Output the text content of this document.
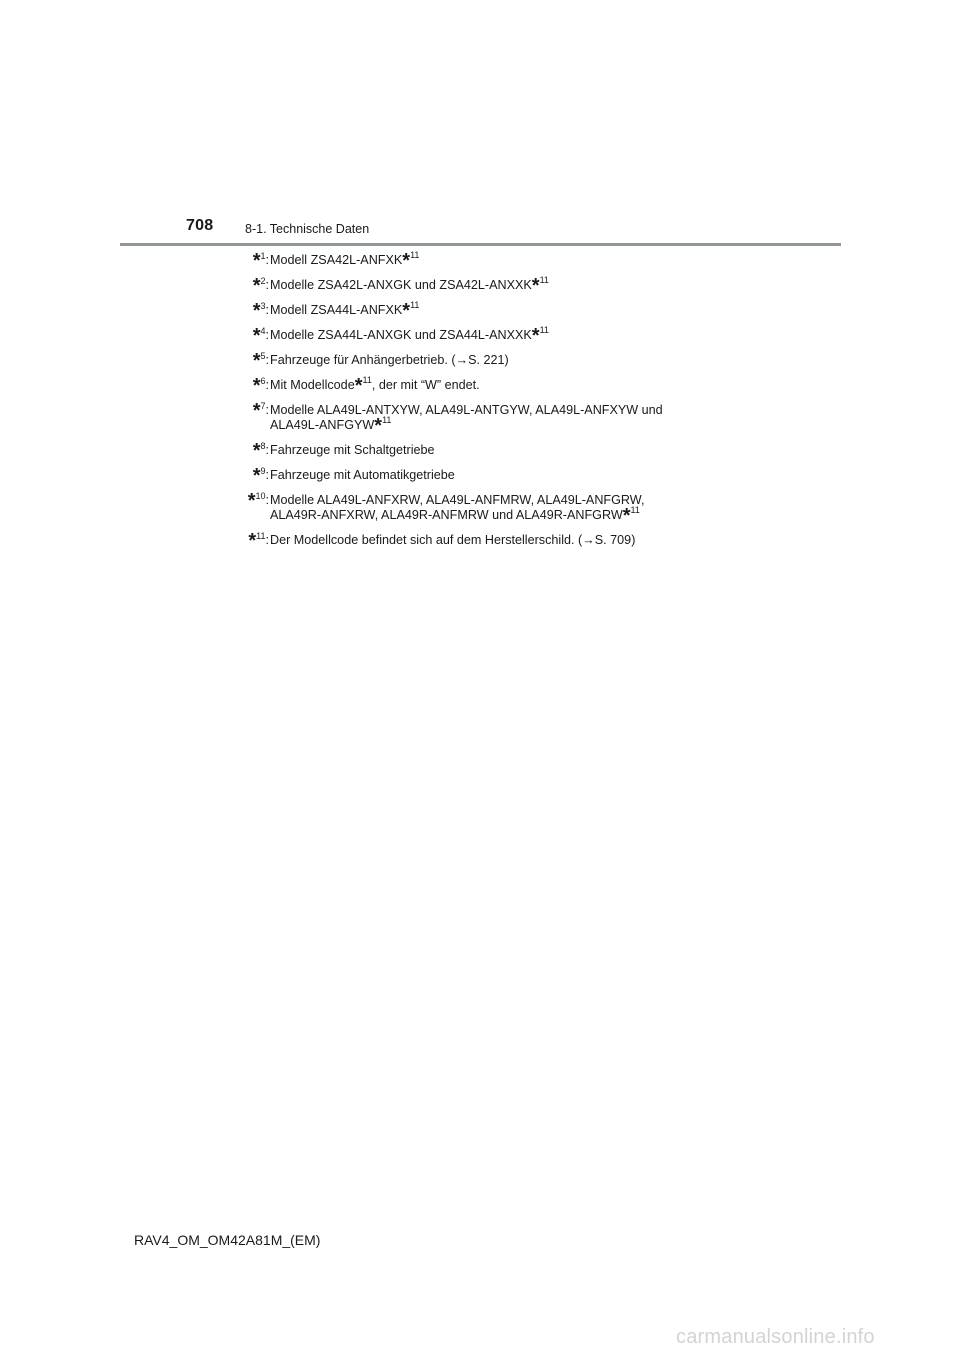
708	8-1. Technische Daten
*$^1$: Modell ZSA42L-ANFXK*$^{11}$
*$^2$: Modelle ZSA42L-ANXGK und ZSA42L-ANXXK*$^{11}$
*$^3$: Modell ZSA44L-ANFXK*$^{11}$
*$^4$: Modelle ZSA44L-ANXGK und ZSA44L-ANXXK*$^{11}$
*$^5$: Fahrzeuge für Anhängerbetrieb. (→S. 221)
*$^6$: Mit Modellcode*$^{11}$, der mit “W” endet.
*$^7$: Modelle ALA49L-ANTXYW, ALA49L-ANTGYW, ALA49L-ANFXYW und
ALA49L-ANFGYW*$^{11}$
*$^8$: Fahrzeuge mit Schaltgetriebe
*$^9$: Fahrzeuge mit Automatikgetriebe
*$^{10}$: Modelle ALA49L-ANFXRW, ALA49L-ANFMRW, ALA49L-ANFGRW,
ALA49R-ANFXRW, ALA49R-ANFMRW und ALA49R-ANFGRW*$^{11}$
*$^{11}$: Der Modellcode befindet sich auf dem Herstellerschild. (→S. 709)
RAV4_OM_OM42A81M_(EM)
carmanualsonline.info
